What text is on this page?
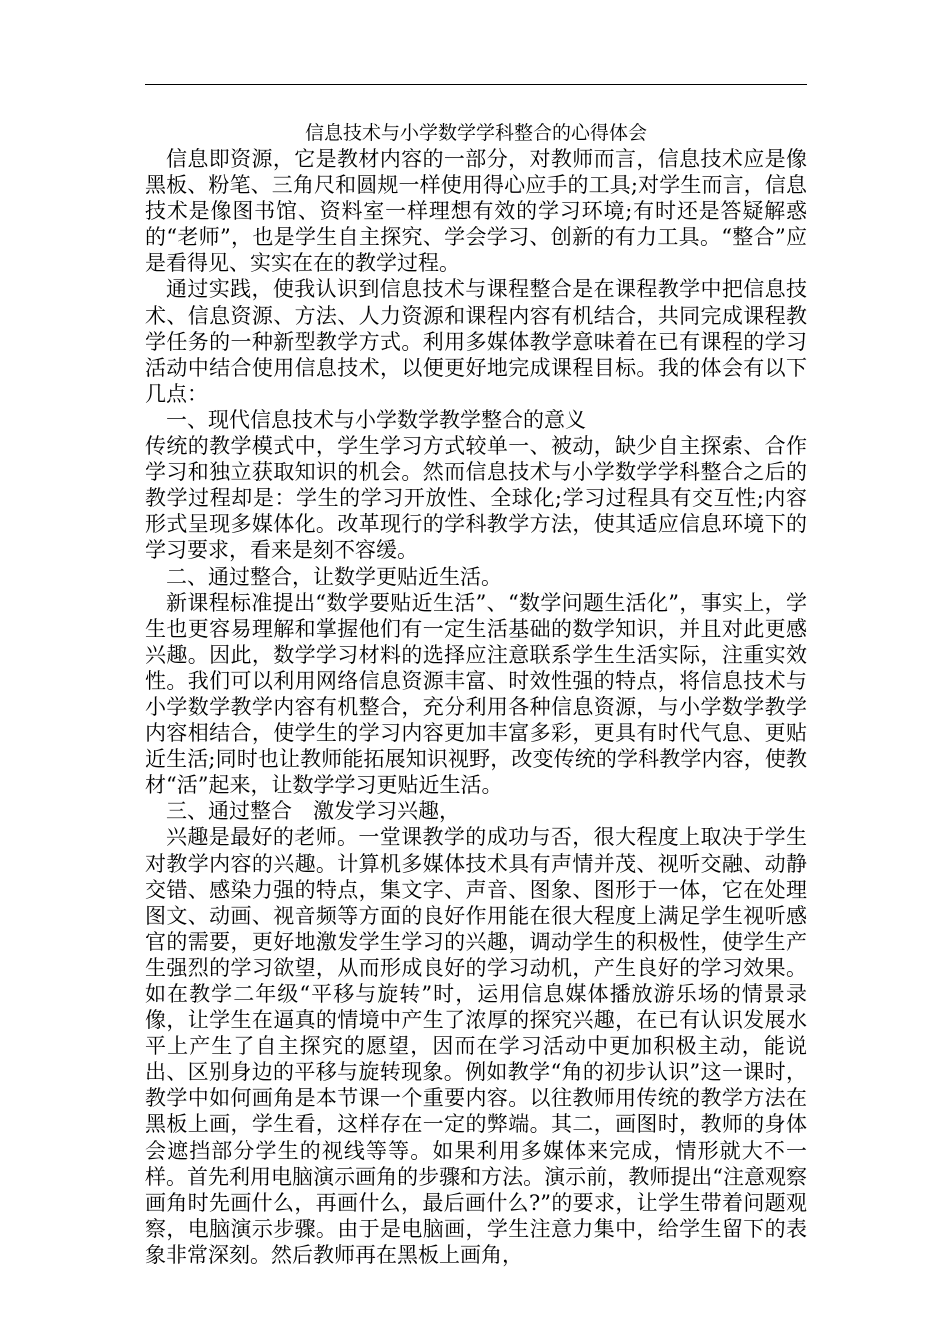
信息技术与小学数学学科整合的心得体会

信息即资源，它是教材内容的一部分，对教师而言，信息技术应是像黑板、粉笔、三角尺和圆规一样使用得心应手的工具;对学生而言，信息技术是像图书馆、资料室一样理想有效的学习环境;有时还是答疑解惑的“老师”，也是学生自主探究、学会学习、创新的有力工具。“整合”应是看得见、实实在在的教学过程。

通过实践，使我认识到信息技术与课程整合是在课程教学中把信息技术、信息资源、方法、人力资源和课程内容有机结合，共同完成课程教学任务的一种新型教学方式。利用多媒体教学意味着在已有课程的学习活动中结合使用信息技术，以便更好地完成课程目标。我的体会有以下几点：

一、现代信息技术与小学数学教学整合的意义

传统的教学模式中，学生学习方式较单一、被动，缺少自主探索、合作学习和独立获取知识的机会。然而信息技术与小学数学学科整合之后的教学过程却是：学生的学习开放性、全球化;学习过程具有交互性;内容形式呈现多媒体化。改革现行的学科教学方法，使其适应信息环境下的学习要求，看来是刻不容缓。

二、通过整合，让数学更贴近生活。

新课程标准提出“数学要贴近生活”、“数学问题生活化”，事实上，学生也更容易理解和掌握他们有一定生活基础的数学知识，并且对此更感兴趣。因此，数学学习材料的选择应注意联系学生生活实际，注重实效性。我们可以利用网络信息资源丰富、时效性强的特点，将信息技术与小学数学教学内容有机整合，充分利用各种信息资源，与小学数学教学内容相结合，使学生的学习内容更加丰富多彩，更具有时代气息、更贴近生活;同时也让教师能拓展知识视野，改变传统的学科教学内容，使教材“活”起来，让数学学习更贴近生活。

三、通过整合　激发学习兴趣，

兴趣是最好的老师。一堂课教学的成功与否，很大程度上取决于学生对教学内容的兴趣。计算机多媒体技术具有声情并茂、视听交融、动静交错、感染力强的特点，集文字、声音、图象、图形于一体，它在处理图文、动画、视音频等方面的良好作用能在很大程度上满足学生视听感官的需要，更好地激发学生学习的兴趣，调动学生的积极性，使学生产生强烈的学习欲望，从而形成良好的学习动机，产生良好的学习效果。如在教学二年级“平移与旋转”时，运用信息媒体播放游乐场的情景录像，让学生在逼真的情境中产生了浓厚的探究兴趣，在已有认识发展水平上产生了自主探究的愿望，因而在学习活动中更加积极主动，能说出、区别身边的平移与旋转现象。例如教学“角的初步认识”这一课时，教学中如何画角是本节课一个重要内容。以往教师用传统的教学方法在黑板上画，学生看，这样存在一定的弊端。其二，画图时，教师的身体会遮挡部分学生的视线等等。如果利用多媒体来完成，情形就大不一样。首先利用电脑演示画角的步骤和方法。演示前，教师提出“注意观察画角时先画什么，再画什么，最后画什么?”的要求，让学生带着问题观察，电脑演示步骤。由于是电脑画，学生注意力集中，给学生留下的表象非常深刻。然后教师再在黑板上画角，
